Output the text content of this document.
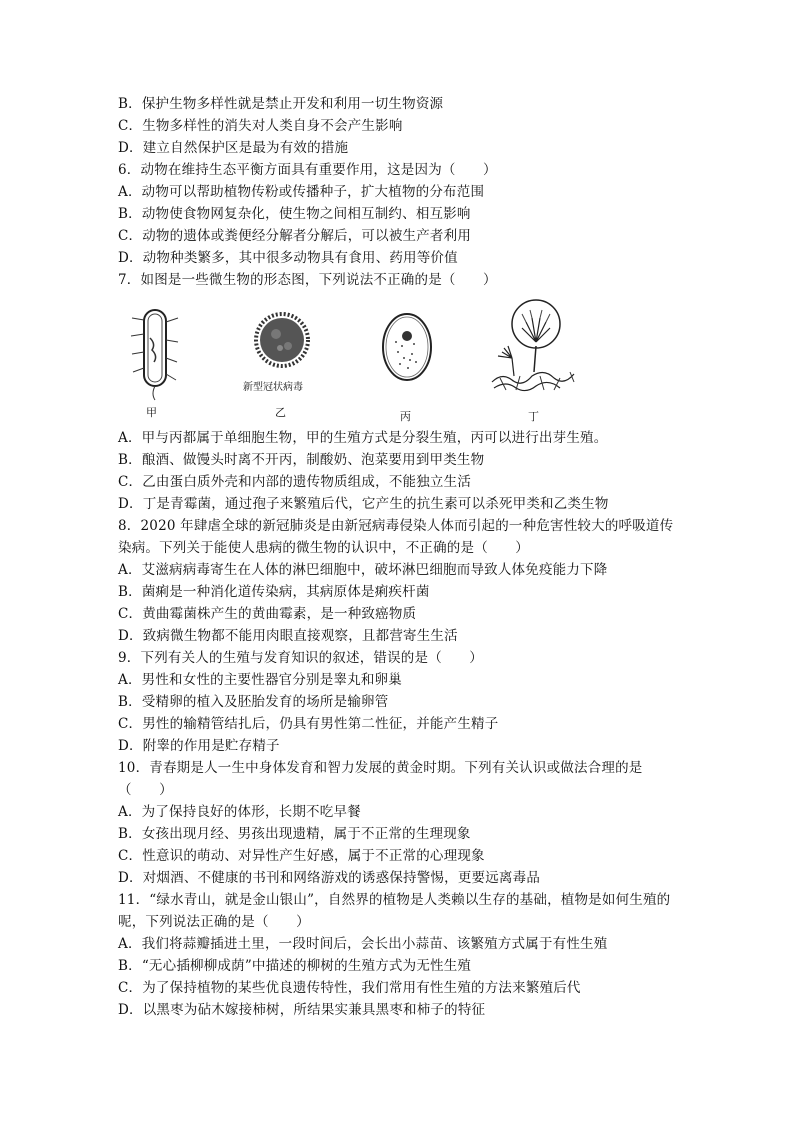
B．保护生物多样性就是禁止开发和利用一切生物资源
C．生物多样性的消失对人类自身不会产生影响
D．建立自然保护区是最为有效的措施
6．动物在维持生态平衡方面具有重要作用，这是因为（　　）
A．动物可以帮助植物传粉或传播种子，扩大植物的分布范围
B．动物使食物网复杂化，使生物之间相互制约、相互影响
C．动物的遗体或粪便经分解者分解后，可以被生产者利用
D．动物种类繁多，其中很多动物具有食用、药用等价值
7．如图是一些微生物的形态图，下列说法不正确的是（　　）
甲
新型冠状病毒
乙	丙	丁
A．甲与丙都属于单细胞生物，甲的生殖方式是分裂生殖，丙可以进行出芽生殖。
B．酿酒、做馒头时离不开丙，制酸奶、泡菜要用到甲类生物
C．乙由蛋白质外壳和内部的遗传物质组成，不能独立生活
D．丁是青霉菌，通过孢子来繁殖后代，它产生的抗生素可以杀死甲类和乙类生物
8．2020 年肆虐全球的新冠肺炎是由新冠病毒侵染人体而引起的一种危害性较大的呼吸道传
染病。下列关于能使人患病的微生物的认识中，不正确的是（　　）
A．艾滋病病毒寄生在人体的淋巴细胞中，破坏淋巴细胞而导致人体免疫能力下降
B．菌痢是一种消化道传染病，其病原体是痢疾杆菌
C．黄曲霉菌株产生的黄曲霉素，是一种致癌物质
D．致病微生物都不能用肉眼直接观察，且都营寄生生活
9．下列有关人的生殖与发育知识的叙述，错误的是（　　）
A．男性和女性的主要性器官分别是睾丸和卵巢
B．受精卵的植入及胚胎发育的场所是输卵管
C．男性的输精管结扎后，仍具有男性第二性征，并能产生精子
D．附睾的作用是贮存精子
10．青春期是人一生中身体发育和智力发展的黄金时期。下列有关认识或做法合理的是
（　　）
A．为了保持良好的体形，长期不吃早餐
B．女孩出现月经、男孩出现遗精，属于不正常的生理现象
C．性意识的萌动、对异性产生好感，属于不正常的心理现象
D．对烟酒、不健康的书刊和网络游戏的诱惑保持警惕，更要远离毒品
11．“绿水青山，就是金山银山”，自然界的植物是人类赖以生存的基础，植物是如何生殖的
呢，下列说法正确的是（　　）
A．我们将蒜瓣插进土里，一段时间后，会长出小蒜苗、该繁殖方式属于有性生殖
B．“无心插柳柳成荫”中描述的柳树的生殖方式为无性生殖
C．为了保持植物的某些优良遗传特性，我们常用有性生殖的方法来繁殖后代
D．以黑枣为砧木嫁接柿树，所结果实兼具黑枣和柿子的特征
